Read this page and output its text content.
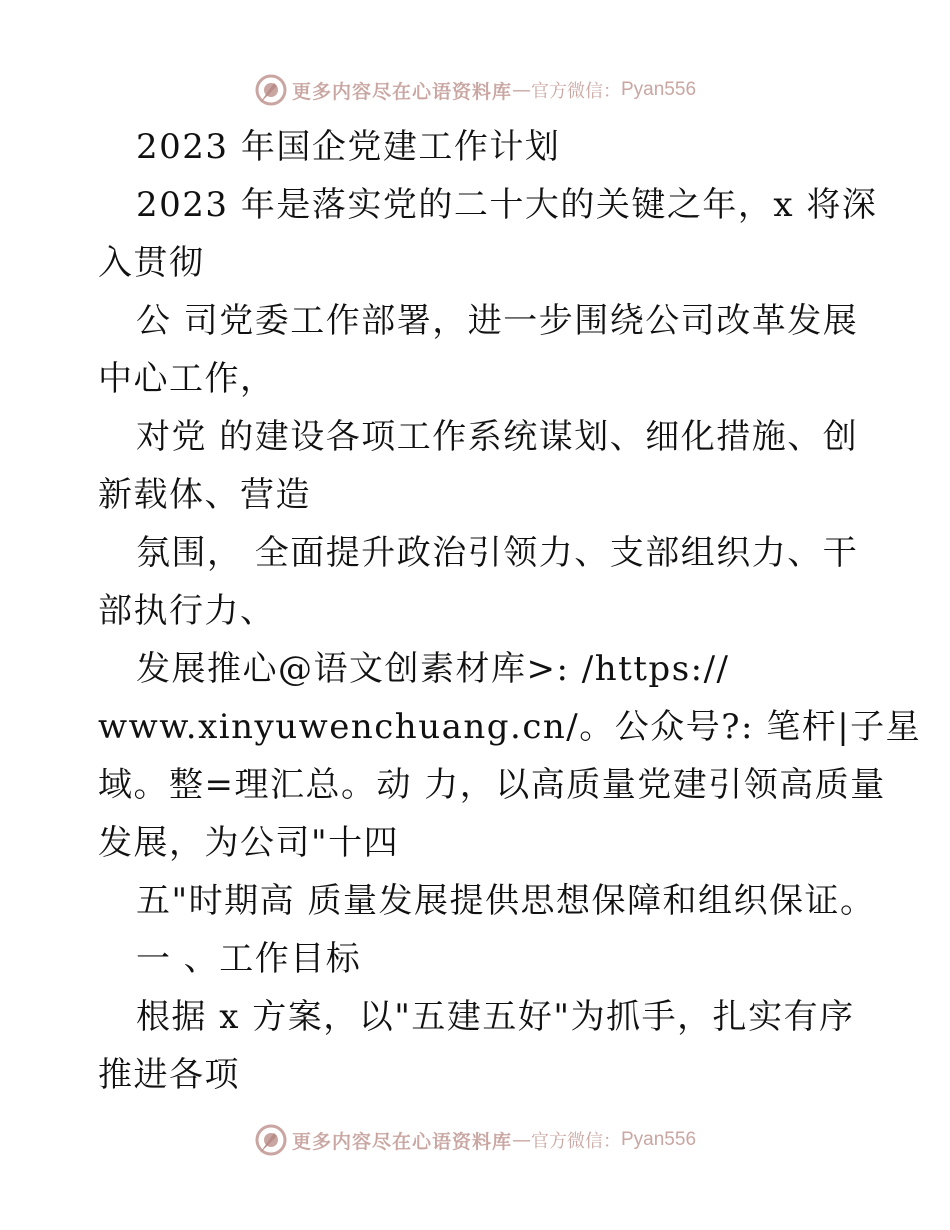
更多内容尽在心语资料库 — 官方微信： Pyan556
2023 年国企党建工作计划
2023 年是落实党的二十大的关键之年，x 将深
入贯彻
公 司党委工作部署，进一步围绕公司改革发展
中心工作，
对党 的建设各项工作系统谋划、细化措施、创
新载体、营造
氛围， 全面提升政治引领力、支部组织力、干
部执行力、
发展推心@语文创素材库>: /https://
www.xinyuwenchuang.cn/。公众号?: 笔杆|子星
域。整=理汇总。动 力，以高质量党建引领高质量
发展，为公司"十四
五"时期高 质量发展提供思想保障和组织保证。
一 、工作目标
根据 x 方案，以"五建五好"为抓手，扎实有序
推进各项
更多内容尽在心语资料库 — 官方微信： Pyan556
